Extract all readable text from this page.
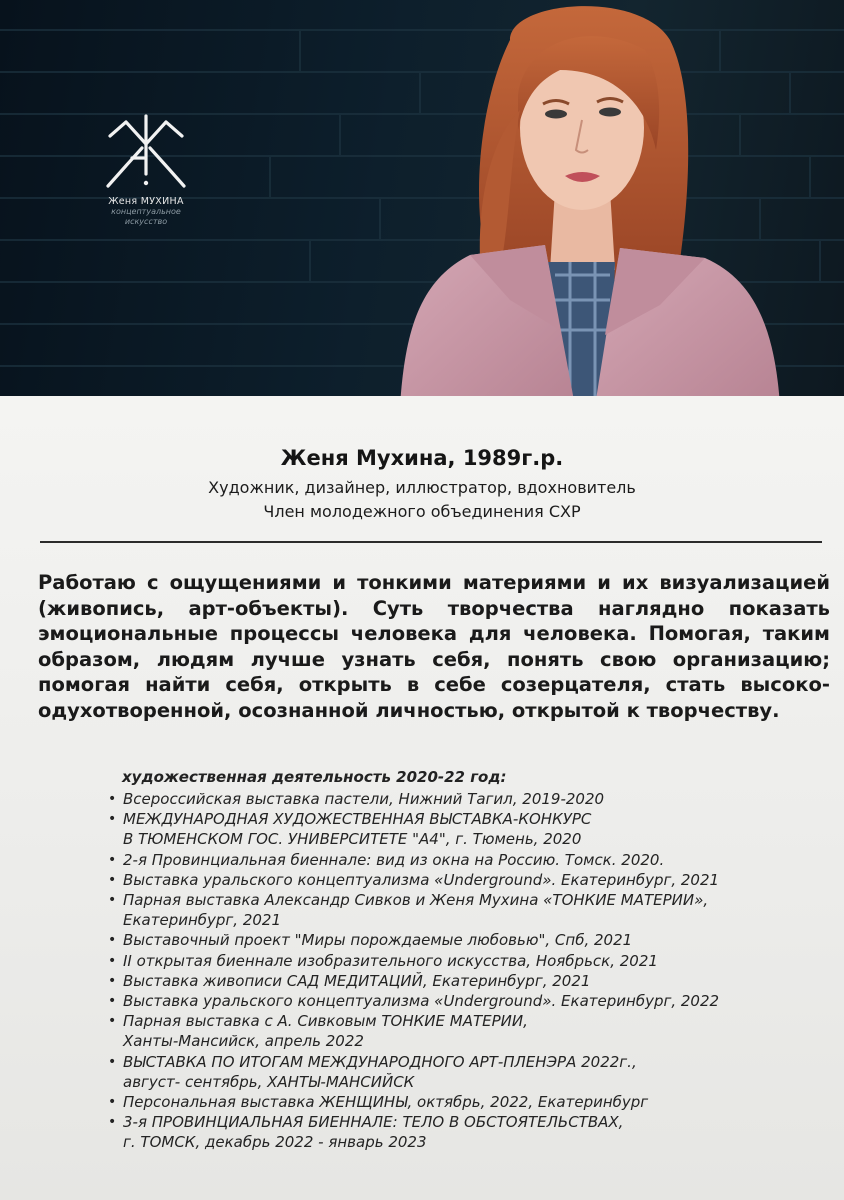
Женя МУХИНА
концептуальное
искусство
Женя Мухина, 1989г.р.
Художник, дизайнер, иллюстратор, вдохновитель
Член молодежного объединения СХР

Работаю с ощущениями и тонкими материями и их визуализацией (живопись, арт-объекты). Суть творчества наглядно показать эмоциональные процессы человека для человека. Помогая, таким образом, людям лучше узнать себя, понять свою организацию; помогая найти себя, открыть в себе созерцателя, стать высоко-одухотворенной, осознанной личностью, открытой к творчеству.

художественная деятельность 2020-22 год:
• Всероссийская выставка пастели, Нижний Тагил, 2019-2020
• МЕЖДУНАРОДНАЯ ХУДОЖЕСТВЕННАЯ ВЫСТАВКА-КОНКУРС
В ТЮМЕНСКОМ ГОС. УНИВЕРСИТЕТЕ "А4", г. Тюмень, 2020
• 2-я Провинциальная биеннале: вид из окна на Россию. Томск. 2020.
• Выставка уральского концептуализма «Underground». Екатеринбург, 2021
• Парная выставка Александр Сивков и Женя Мухина «ТОНКИЕ МАТЕРИИ»,
Екатеринбург, 2021
• Выставочный проект "Миры порождаемые любовью", Спб, 2021
• II открытая биеннале изобразительного искусства, Ноябрьск, 2021
• Выставка живописи САД МЕДИТАЦИЙ, Екатеринбург, 2021
• Выставка уральского концептуализма «Underground». Екатеринбург, 2022
• Парная выставка с А. Сивковым ТОНКИЕ МАТЕРИИ,
Ханты-Мансийск, апрель 2022
• ВЫСТАВКА ПО ИТОГАМ МЕЖДУНАРОДНОГО АРТ-ПЛЕНЭРА 2022г.,
август- сентябрь, ХАНТЫ-МАНСИЙСК
• Персональная выставка ЖЕНЩИНЫ, октябрь, 2022, Екатеринбург
• 3-я ПРОВИНЦИАЛЬНАЯ БИЕННАЛЕ: ТЕЛО В ОБСТОЯТЕЛЬСТВАХ,
г. ТОМСК, декабрь 2022 - январь 2023
